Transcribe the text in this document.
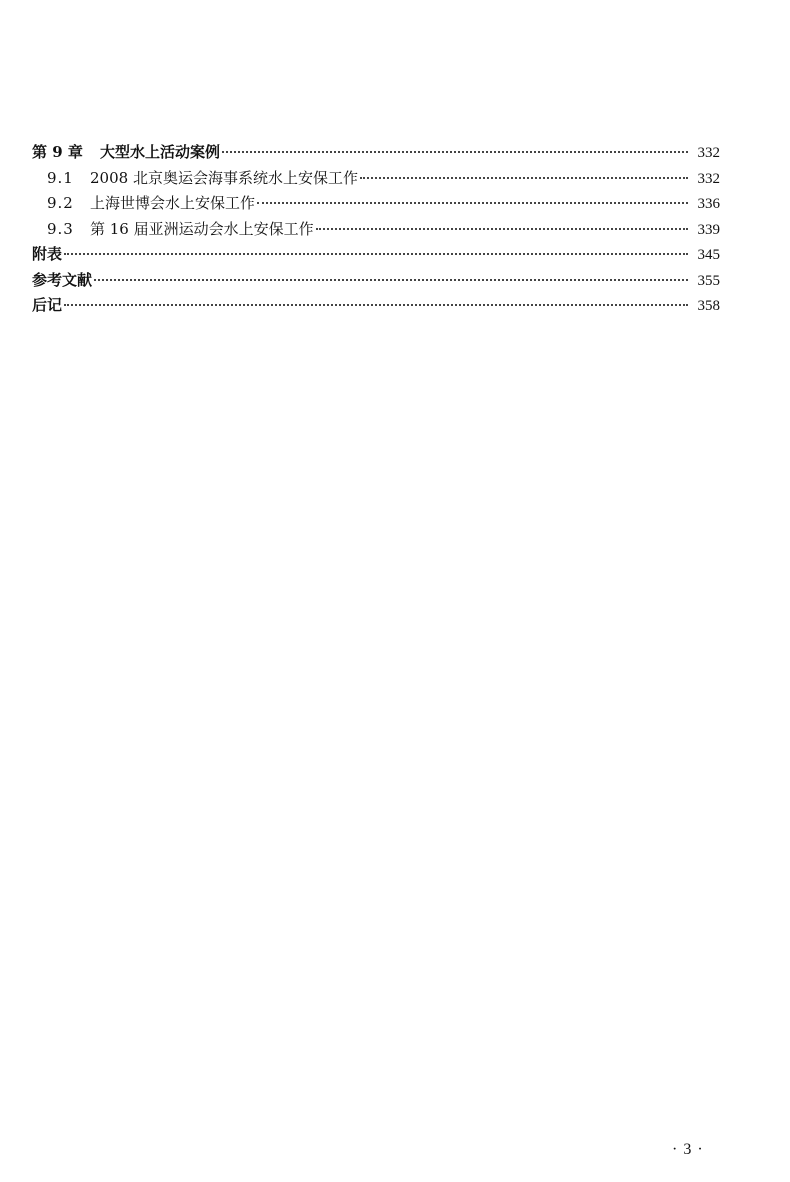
第 9 章	大型水上活动案例	332
9.1	2008 北京奥运会海事系统水上安保工作	332
9.2	上海世博会水上安保工作	336
9.3	第 16 届亚洲运动会水上安保工作	339
附表	345
参考文献	355
后记	358
· 3 ·
